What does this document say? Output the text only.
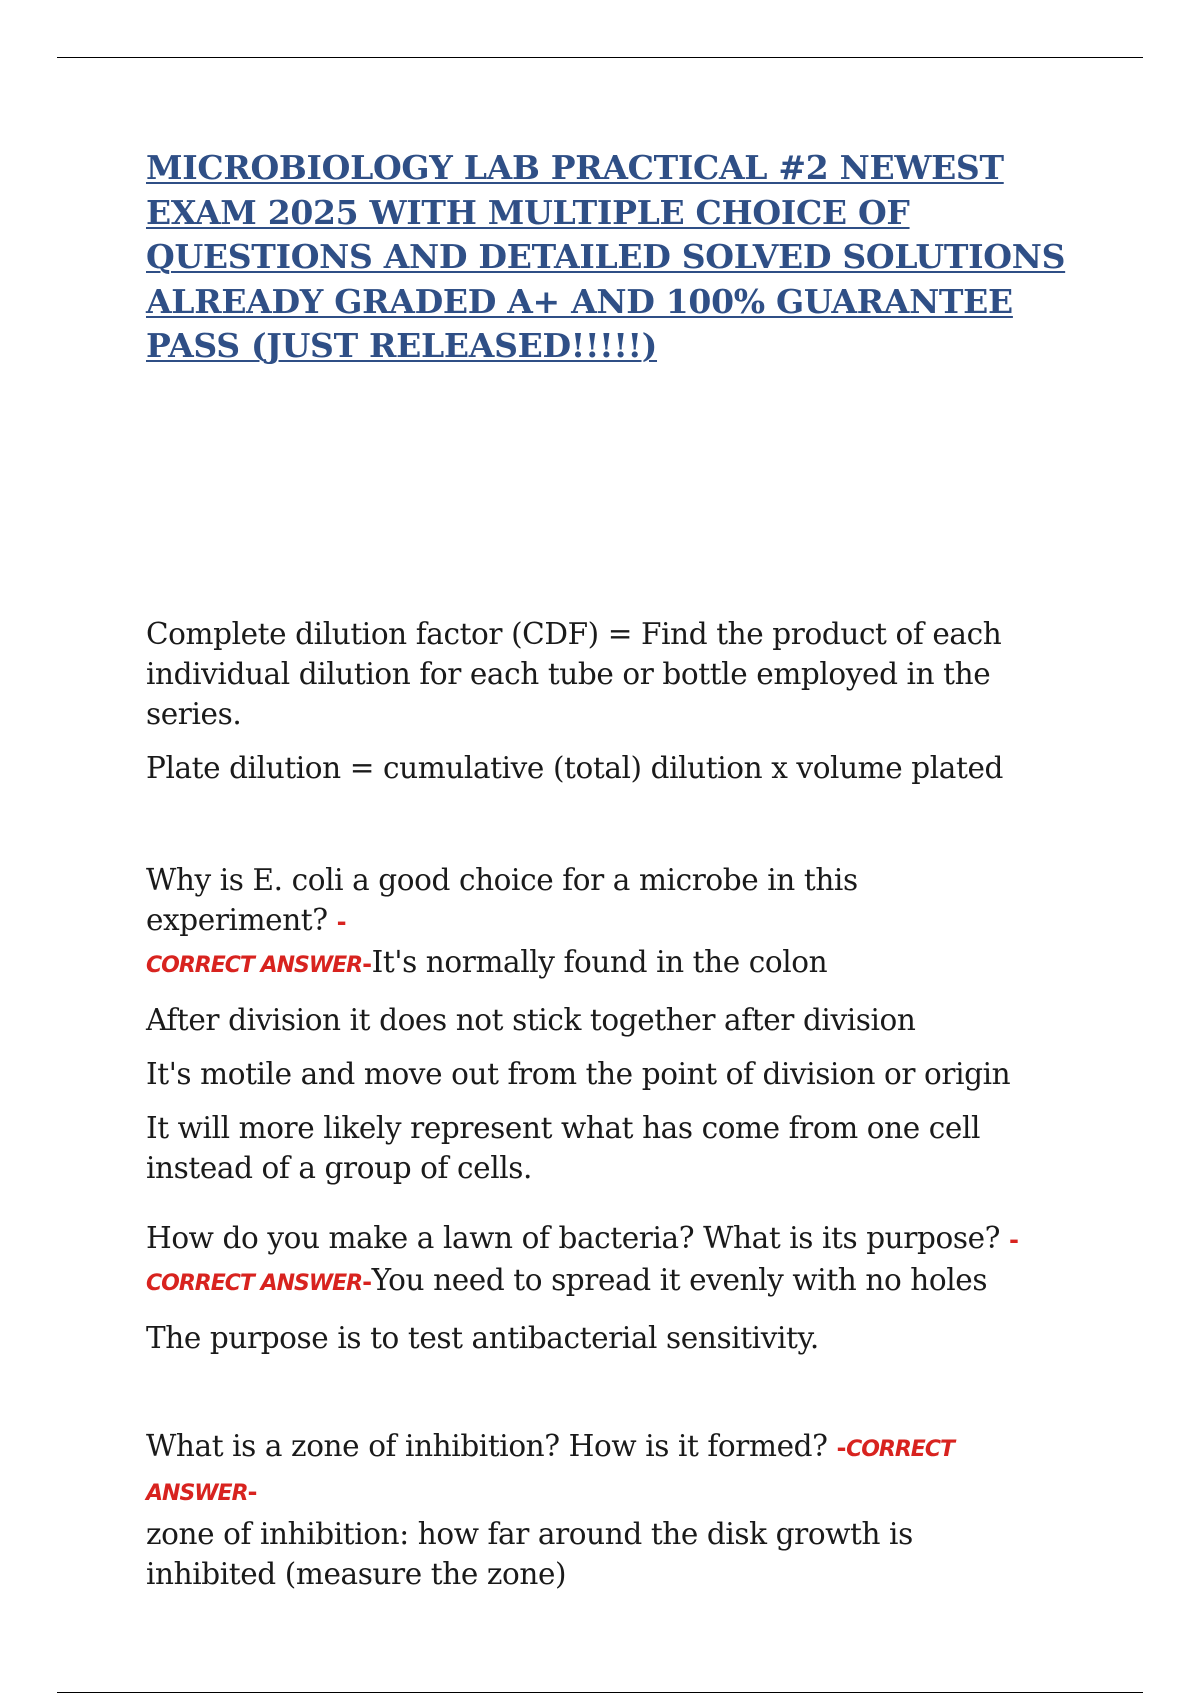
MICROBIOLOGY LAB PRACTICAL #2 NEWEST EXAM 2025 WITH MULTIPLE CHOICE OF QUESTIONS AND DETAILED SOLVED SOLUTIONS ALREADY GRADED A+ AND 100% GUARANTEE PASS (JUST RELEASED!!!!!)

Complete dilution factor (CDF) = Find the product of each individual dilution for each tube or bottle employed in the series.

Plate dilution = cumulative (total) dilution x volume plated

Why is E. coli a good choice for a microbe in this experiment? -
CORRECT ANSWER-It's normally found in the colon

After division it does not stick together after division

It's motile and move out from the point of division or origin

It will more likely represent what has come from one cell instead of a group of cells.

How do you make a lawn of bacteria? What is its purpose? -
CORRECT ANSWER-You need to spread it evenly with no holes

The purpose is to test antibacterial sensitivity.

What is a zone of inhibition? How is it formed? -CORRECT ANSWER-
zone of inhibition: how far around the disk growth is inhibited (measure the zone)
